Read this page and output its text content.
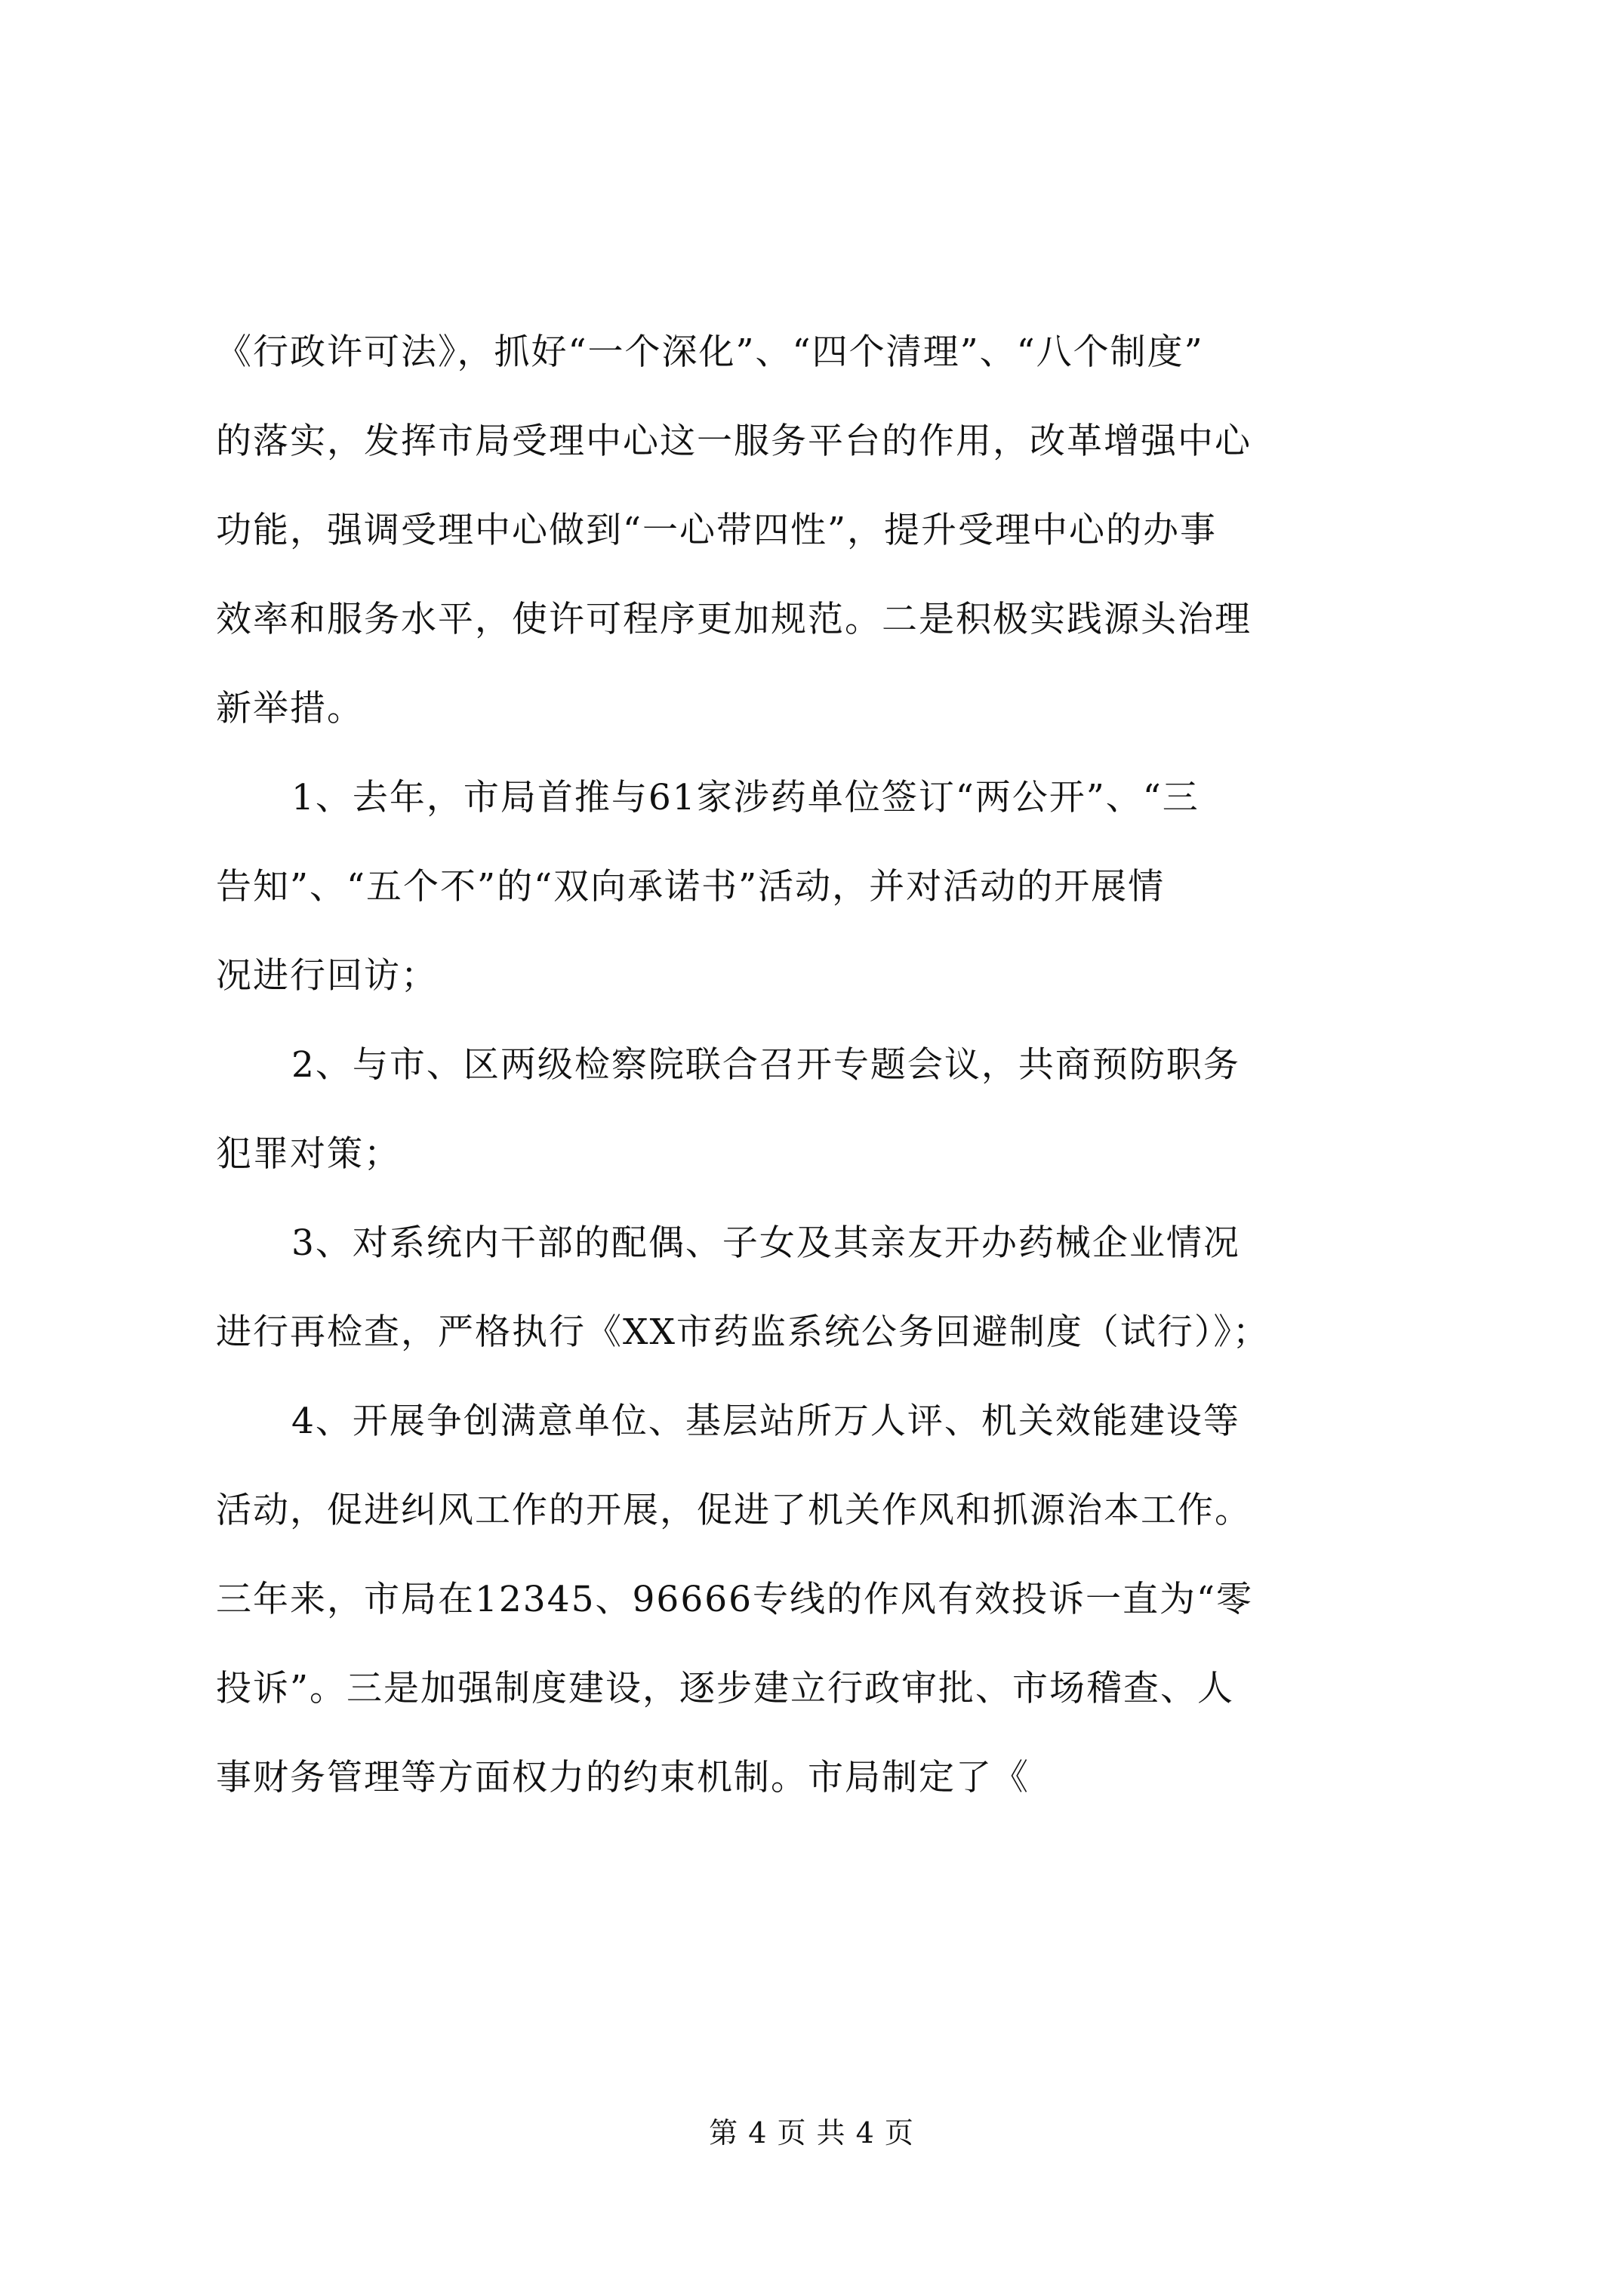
《行政许可法》，抓好“一个深化”、“四个清理”、“八个制度”
的落实，发挥市局受理中心这一服务平台的作用，改革增强中心
功能，强调受理中心做到“一心带四性”，提升受理中心的办事
效率和服务水平，使许可程序更加规范。二是积极实践源头治理
新举措。
1、去年，市局首推与61家涉药单位签订“两公开”、“三
告知”、“五个不”的“双向承诺书”活动，并对活动的开展情
况进行回访；
2、与市、区两级检察院联合召开专题会议，共商预防职务
犯罪对策；
3、对系统内干部的配偶、子女及其亲友开办药械企业情况
进行再检查，严格执行《XX市药监系统公务回避制度（试行）》；
4、开展争创满意单位、基层站所万人评、机关效能建设等
活动，促进纠风工作的开展，促进了机关作风和抓源治本工作。
三年来，市局在12345、96666专线的作风有效投诉一直为“零
投诉”。三是加强制度建设，逐步建立行政审批、市场稽查、人
事财务管理等方面权力的约束机制。市局制定了《
第 4 页 共 4 页
